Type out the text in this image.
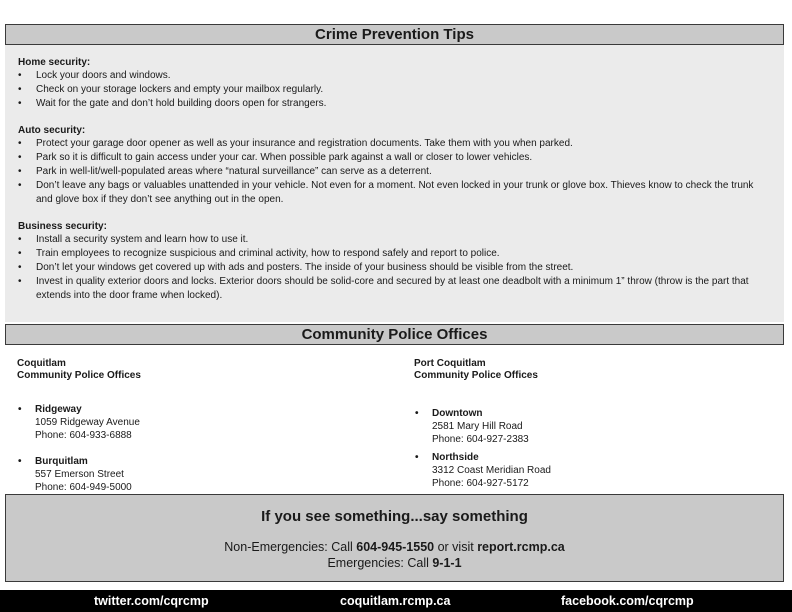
Crime Prevention Tips

Home security:

• Lock your doors and windows.
• Check on your storage lockers and empty your mailbox regularly.
• Wait for the gate and don’t hold building doors open for strangers.

Auto security:

• Protect your garage door opener as well as your insurance and registration documents. Take them with you when parked.
• Park so it is difficult to gain access under your car. When possible park against a wall or closer to lower vehicles.
• Park in well-lit/well-populated areas where “natural surveillance” can serve as a deterrent.
• Don’t leave any bags or valuables unattended in your vehicle. Not even for a moment. Not even locked in your trunk or glove box. Thieves know to check the trunk and glove box if they don’t see anything out in the open.

Business security:

• Install a security system and learn how to use it.
• Train employees to recognize suspicious and criminal activity, how to respond safely and report to police.
• Don’t let your windows get covered up with ads and posters. The inside of your business should be visible from the street.
• Invest in quality exterior doors and locks. Exterior doors should be solid-core and secured by at least one deadbolt with a minimum 1” throw (throw is the part that extends into the door frame when locked).
Community Police Offices
Coquitlam
Community Police Offices
• Ridgeway
1059 Ridgeway Avenue
Phone: 604-933-6888
• Burquitlam
557 Emerson Street
Phone: 604-949-5000
Port Coquitlam
Community Police Offices
• Downtown
2581 Mary Hill Road
Phone: 604-927-2383
• Northside
3312 Coast Meridian Road
Phone: 604-927-5172
If you see something...say something
Non-Emergencies: Call 604-945-1550 or visit report.rcmp.ca
Emergencies: Call 9-1-1
twitter.com/cqrcmp	coquitlam.rcmp.ca	facebook.com/cqrcmp
